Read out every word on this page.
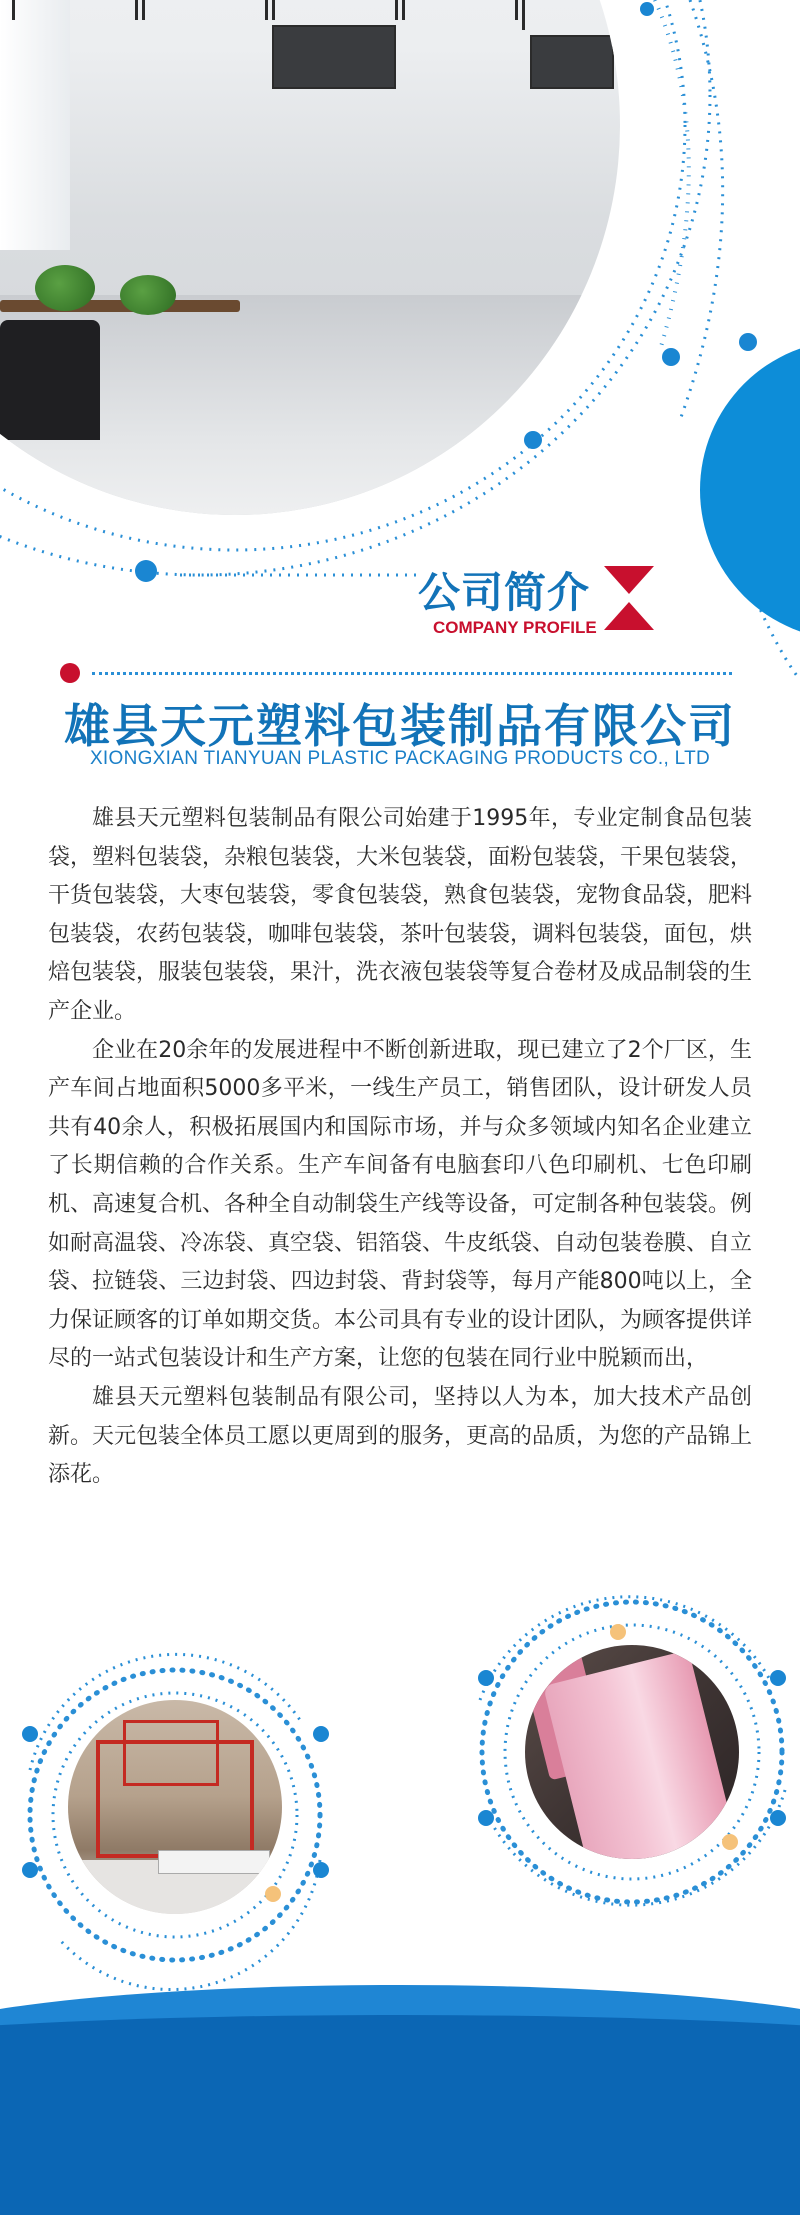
公司简介
COMPANY PROFILE
雄县天元塑料包装制品有限公司
XIONGXIAN TIANYUAN PLASTIC PACKAGING PRODUCTS CO., LTD

雄县天元塑料包装制品有限公司始建于1995年，专业定制食品包装袋，塑料包装袋，杂粮包装袋，大米包装袋，面粉包装袋，干果包装袋，干货包装袋，大枣包装袋，零食包装袋，熟食包装袋，宠物食品袋，肥料包装袋，农药包装袋，咖啡包装袋，茶叶包装袋，调料包装袋，面包，烘焙包装袋，服装包装袋，果汁，洗衣液包装袋等复合卷材及成品制袋的生产企业。

企业在20余年的发展进程中不断创新进取，现已建立了2个厂区，生产车间占地面积5000多平米，一线生产员工，销售团队，设计研发人员共有40余人，积极拓展国内和国际市场，并与众多领域内知名企业建立了长期信赖的合作关系。生产车间备有电脑套印八色印刷机、七色印刷机、高速复合机、各种全自动制袋生产线等设备，可定制各种包装袋。例如耐高温袋、冷冻袋、真空袋、铝箔袋、牛皮纸袋、自动包装卷膜、自立袋、拉链袋、三边封袋、四边封袋、背封袋等，每月产能800吨以上，全力保证顾客的订单如期交货。本公司具有专业的设计团队，为顾客提供详尽的一站式包装设计和生产方案，让您的包装在同行业中脱颖而出，

雄县天元塑料包装制品有限公司，坚持以人为本，加大技术产品创新。天元包装全体员工愿以更周到的服务，更高的品质，为您的产品锦上添花。
